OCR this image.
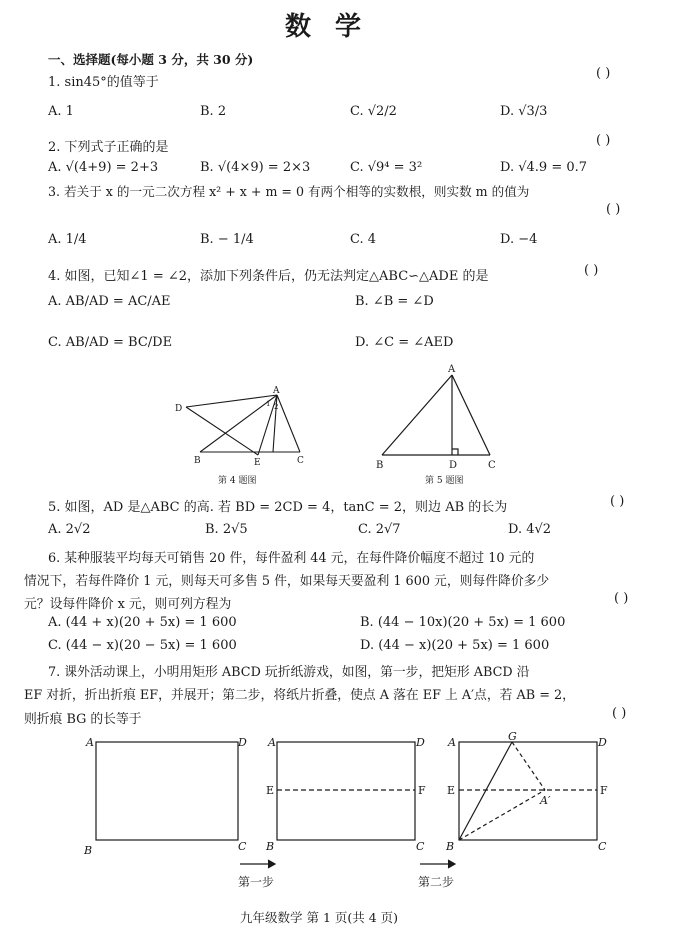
数学
一、选择题(每小题 3 分，共 30 分)
1. sin45°的值等于
( )
A. 1	B. 2	C. √2/2	D. √3/3
2. 下列式子正确的是	( )
A. √(4+9) = 2+3	B. √(4×9) = 2×3	C. √9⁴ = 3²	D. √4.9 = 0.7
3. 若关于 x 的一元二次方程 x² + x + m = 0 有两个相等的实数根，则实数 m 的值为
( )
A. 1/4	B. − 1/4	C. 4	D. −4
4. 如图，已知∠1 = ∠2，添加下列条件后，仍无法判定△ABC∽△ADE 的是	( )
A. AB/AD = AC/AE	B. ∠B = ∠D
C. AB/AD = BC/DE	D. ∠C = ∠AED
A
D
B	E	C
1 2
第 4 题图
A
B	D	C
第 5 题图
5. 如图，AD 是△ABC 的高. 若 BD = 2CD = 4，tanC = 2，则边 AB 的长为	( )
A. 2√2	B. 2√5	C. 2√7	D. 4√2
6. 某种服装平均每天可销售 20 件，每件盈利 44 元，在每件降价幅度不超过 10 元的
情况下，若每件降价 1 元，则每天可多售 5 件，如果每天要盈利 1 600 元，则每件降价多少
元？设每件降价 x 元，则可列方程为	( )
A. (44 + x)(20 + 5x) = 1 600	B. (44 − 10x)(20 + 5x) = 1 600
C. (44 − x)(20 − 5x) = 1 600	D. (44 − x)(20 + 5x) = 1 600
7. 课外活动课上，小明用矩形 ABCD 玩折纸游戏，如图，第一步，把矩形 ABCD 沿
EF 对折，折出折痕 EF，并展开；第二步，将纸片折叠，使点 A 落在 EF 上 A′点，若 AB = 2，
则折痕 BG 的长等于	( )
A	D
B	C
A	D
E	F
B	C
A	D
G
E	F
A′
B	C
第一步	第二步
九年级数学 第 1 页(共 4 页)
